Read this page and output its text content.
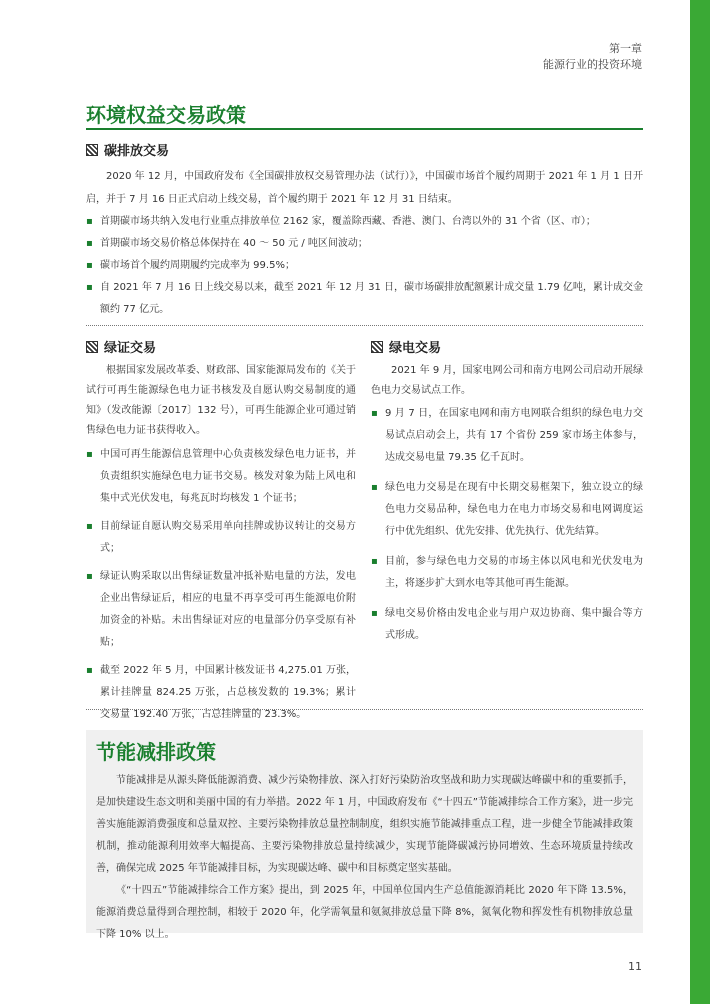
第一章
能源行业的投资环境
环境权益交易政策
碳排放交易
2020 年 12 月，中国政府发布《全国碳排放权交易管理办法（试行）》，中国碳市场首个履约周期于 2021 年 1 月 1 日开启，并于 7 月 16 日正式启动上线交易，首个履约期于 2021 年 12 月 31 日结束。
▪ 首期碳市场共纳入发电行业重点排放单位 2162 家，覆盖除西藏、香港、澳门、台湾以外的 31 个省（区、市）；
▪ 首期碳市场交易价格总体保持在 40 ～ 50 元 / 吨区间波动；
▪ 碳市场首个履约周期履约完成率为 99.5%；
▪ 自 2021 年 7 月 16 日上线交易以来，截至 2021 年 12 月 31 日，碳市场碳排放配额累计成交量 1.79 亿吨，累计成交金额约 77 亿元。
绿证交易
根据国家发展改革委、财政部、国家能源局发布的《关于试行可再生能源绿色电力证书核发及自愿认购交易制度的通知》（发改能源〔2017〕132 号），可再生能源企业可通过销售绿色电力证书获得收入。
▪ 中国可再生能源信息管理中心负责核发绿色电力证书，并负责组织实施绿色电力证书交易。核发对象为陆上风电和集中式光伏发电，每兆瓦时均核发 1 个证书；
▪ 目前绿证自愿认购交易采用单向挂牌或协议转让的交易方式；
▪ 绿证认购采取以出售绿证数量冲抵补贴电量的方法，发电企业出售绿证后，相应的电量不再享受可再生能源电价附加资金的补贴。未出售绿证对应的电量部分仍享受原有补贴；
▪ 截至 2022 年 5 月，中国累计核发证书 4,275.01 万张，累计挂牌量 824.25 万张，占总核发数的 19.3%；累计交易量 192.40 万张，占总挂牌量的 23.3%。
绿电交易
2021 年 9 月，国家电网公司和南方电网公司启动开展绿色电力交易试点工作。
▪ 9 月 7 日，在国家电网和南方电网联合组织的绿色电力交易试点启动会上，共有 17 个省份 259 家市场主体参与，达成交易电量 79.35 亿千瓦时。
▪ 绿色电力交易是在现有中长期交易框架下，独立设立的绿色电力交易品种，绿色电力在电力市场交易和电网调度运行中优先组织、优先安排、优先执行、优先结算。
▪ 目前，参与绿色电力交易的市场主体以风电和光伏发电为主，将逐步扩大到水电等其他可再生能源。
▪ 绿电交易价格由发电企业与用户双边协商、集中撮合等方式形成。
节能减排政策
节能减排是从源头降低能源消费、减少污染物排放、深入打好污染防治攻坚战和助力实现碳达峰碳中和的重要抓手，是加快建设生态文明和美丽中国的有力举措。2022 年 1 月，中国政府发布《“十四五”节能减排综合工作方案》，进一步完善实施能源消费强度和总量双控、主要污染物排放总量控制制度，组织实施节能减排重点工程，进一步健全节能减排政策机制，推动能源利用效率大幅提高、主要污染物排放总量持续减少，实现节能降碳减污协同增效、生态环境质量持续改善，确保完成 2025 年节能减排目标，为实现碳达峰、碳中和目标奠定坚实基础。
《“十四五”节能减排综合工作方案》提出，到 2025 年，中国单位国内生产总值能源消耗比 2020 年下降 13.5%，能源消费总量得到合理控制，相较于 2020 年，化学需氧量和氨氮排放总量下降 8%，氮氧化物和挥发性有机物排放总量下降 10% 以上。
11
